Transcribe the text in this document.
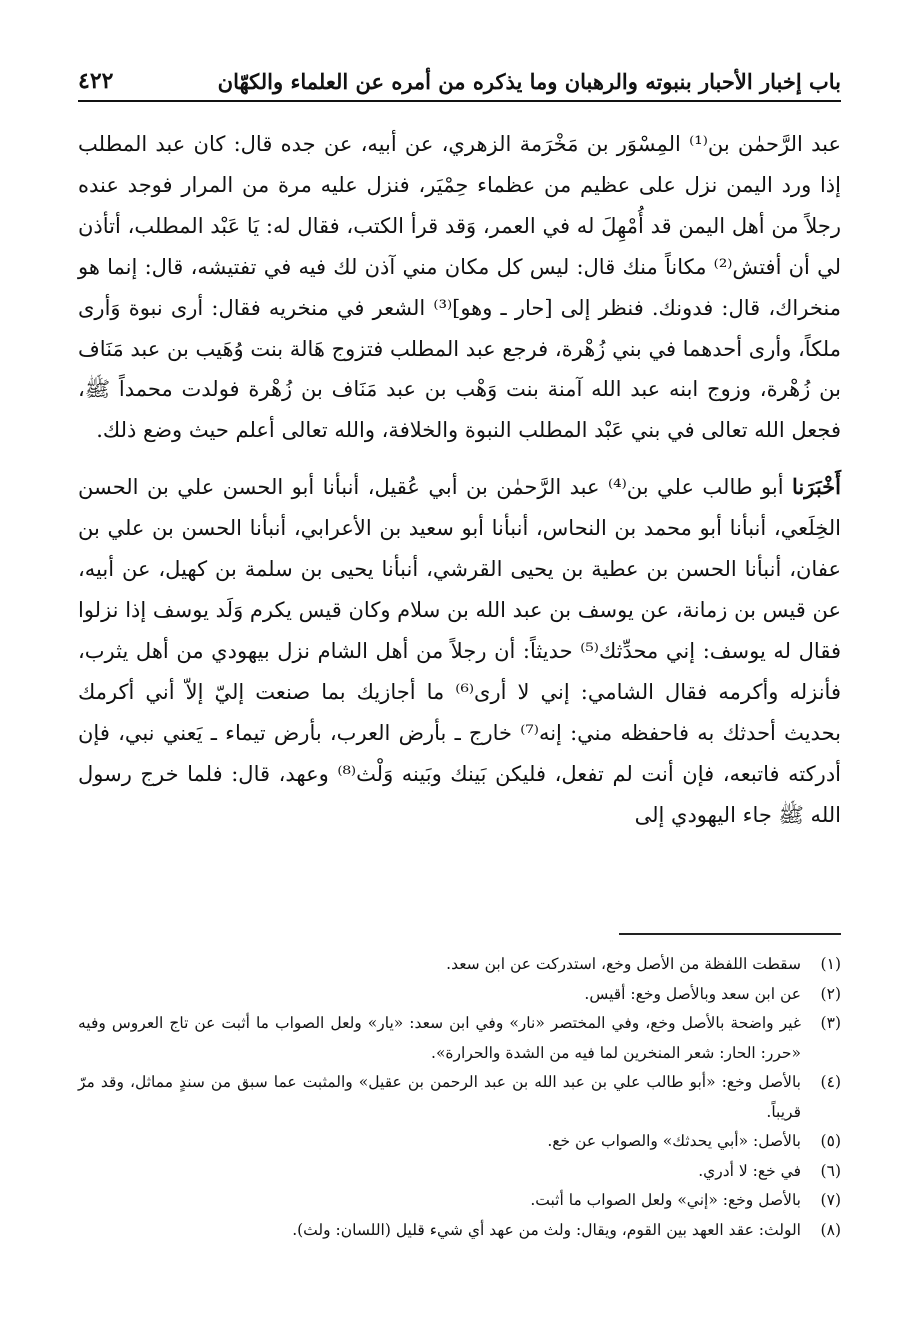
باب إخبار الأحبار بنبوته والرهبان وما يذكره من أمره عن العلماء والكهّان
٤٢٢

عبد الرَّحمٰن بن⁽¹⁾ المِسْوَر بن مَخْرَمة الزهري، عن أبيه، عن جده قال: كان عبد المطلب إذا ورد اليمن نزل على عظيم من عظماء حِمْيَر، فنزل عليه مرة من المرار فوجد عنده رجلاً من أهل اليمن قد أُمْهِلَ له في العمر، وَقد قرأ الكتب، فقال له: يَا عَبْد المطلب، أتأذن لي أن أفتش⁽²⁾ مكاناً منك قال: ليس كل مكان مني آذن لك فيه في تفتيشه، قال: إنما هو منخراك، قال: فدونك. فنظر إلى [حار ـ وهو]⁽³⁾ الشعر في منخريه فقال: أرى نبوة وَأرى ملكاً، وأرى أحدهما في بني زُهْرة، فرجع عبد المطلب فتزوج هَالة بنت وُهَيب بن عبد مَنَاف بن زُهْرة، وزوج ابنه عبد الله آمنة بنت وَهْب بن عبد مَنَاف بن زُهْرة فولدت محمداً ﷺ، فجعل الله تعالى في بني عَبْد المطلب النبوة والخلافة، والله تعالى أعلم حيث وضع ذلك.

أَخْبَرَنا أبو طالب علي بن⁽⁴⁾ عبد الرَّحمٰن بن أبي عُقيل، أنبأنا أبو الحسن علي بن الحسن الخِلَعي، أنبأنا أبو محمد بن النحاس، أنبأنا أبو سعيد بن الأعرابي، أنبأنا الحسن بن علي بن عفان، أنبأنا الحسن بن عطية بن يحيى القرشي، أنبأنا يحيى بن سلمة بن كهيل، عن أبيه، عن قيس بن زمانة، عن يوسف بن عبد الله بن سلام وكان قيس يكرم وَلَد يوسف إذا نزلوا فقال له يوسف: إني محدِّثك⁽⁵⁾ حديثاً: أن رجلاً من أهل الشام نزل بيهودي من أهل يثرب، فأنزله وأكرمه فقال الشامي: إني لا أرى⁽⁶⁾ ما أجازيك بما صنعت إليّ إلاّ أني أكرمك بحديث أحدثك به فاحفظه مني: إنه⁽⁷⁾ خارج ـ بأرض العرب، بأرض تيماء ـ يَعني نبي، فإن أدركته فاتبعه، فإن أنت لم تفعل، فليكن بَينك وبَينه وَلْث⁽⁸⁾ وعهد، قال: فلما خرج رسول الله ﷺ جاء اليهودي إلى

(١)
سقطت اللفظة من الأصل وخع، استدركت عن ابن سعد.
(٢)
عن ابن سعد وبالأصل وخع: أقيس.
(٣)
غير واضحة بالأصل وخع، وفي المختصر «نار» وفي ابن سعد: «يار» ولعل الصواب ما أثبت عن تاج العروس وفيه «حرر: الحار: شعر المنخرين لما فيه من الشدة والحرارة».
(٤)
بالأصل وخع: «أبو طالب علي بن عبد الله بن عبد الرحمن بن عقيل» والمثبت عما سبق من سندٍ مماثل، وقد مرّ قريباً.
(٥)
بالأصل: «أبي يحدثك» والصواب عن خع.
(٦)
في خع: لا أدري.
(٧)
بالأصل وخع: «إني» ولعل الصواب ما أثبت.
(٨)
الولث: عقد العهد بين القوم، ويقال: ولث من عهد أي شيء قليل (اللسان: ولث).
